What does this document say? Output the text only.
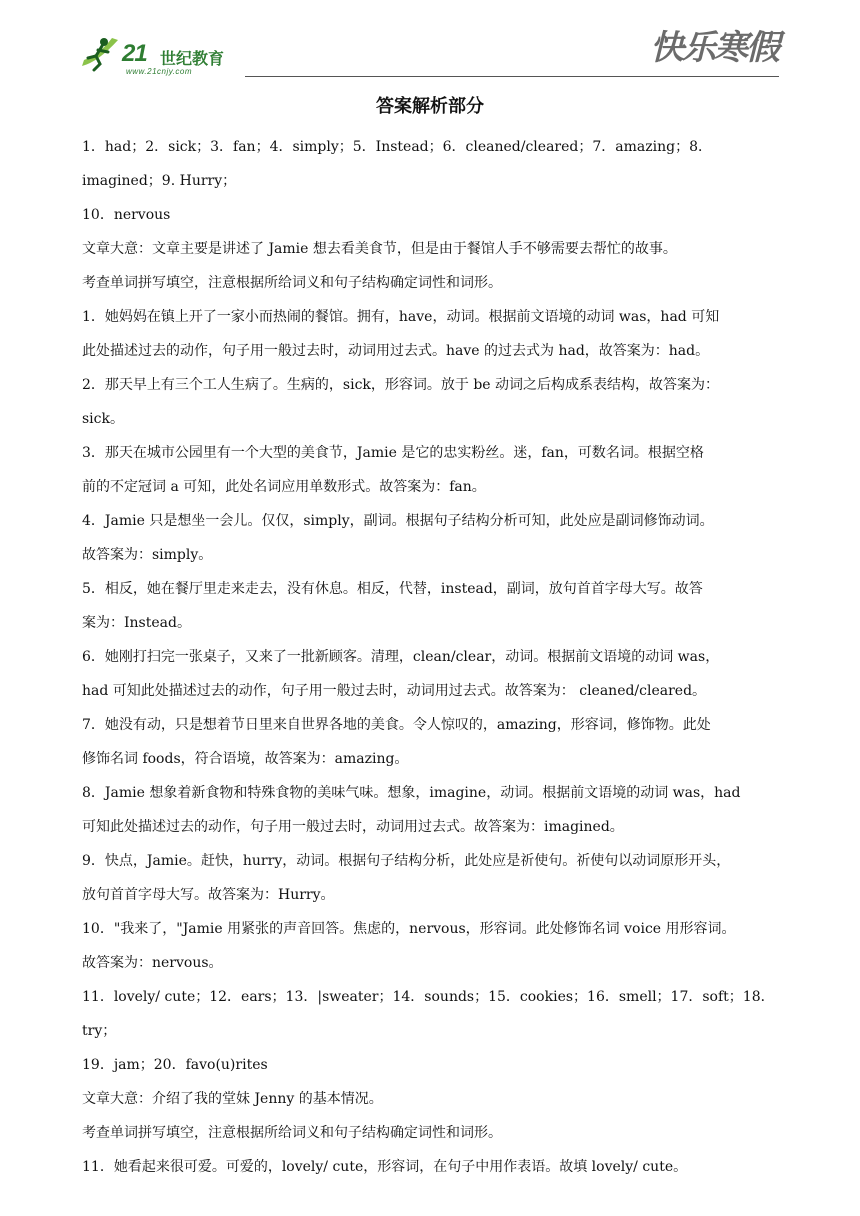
21 世纪教育
www.21cnjy.com
快乐寒假
答案解析部分

1．had；2．sick；3．fan；4．simply；5．Instead；6．cleaned/cleared；7．amazing；8．imagined；9. Hurry；

10．nervous

文章大意：文章主要是讲述了 Jamie 想去看美食节，但是由于餐馆人手不够需要去帮忙的故事。

考查单词拼写填空，注意根据所给词义和句子结构确定词性和词形。

1．她妈妈在镇上开了一家小而热闹的餐馆。拥有，have，动词。根据前文语境的动词 was，had 可知

此处描述过去的动作，句子用一般过去时，动词用过去式。have 的过去式为 had，故答案为：had。

2．那天早上有三个工人生病了。生病的，sick，形容词。放于 be 动词之后构成系表结构，故答案为：

sick。

3．那天在城市公园里有一个大型的美食节，Jamie 是它的忠实粉丝。迷，fan，可数名词。根据空格

前的不定冠词 a 可知，此处名词应用单数形式。故答案为：fan。

4．Jamie 只是想坐一会儿。仅仅，simply，副词。根据句子结构分析可知，此处应是副词修饰动词。

故答案为：simply。

5．相反，她在餐厅里走来走去，没有休息。相反，代替，instead，副词，放句首首字母大写。故答

案为：Instead。

6．她刚打扫完一张桌子，又来了一批新顾客。清理，clean/clear，动词。根据前文语境的动词 was，

had 可知此处描述过去的动作，句子用一般过去时，动词用过去式。故答案为： cleaned/cleared。

7．她没有动，只是想着节日里来自世界各地的美食。令人惊叹的，amazing，形容词，修饰物。此处

修饰名词 foods，符合语境，故答案为：amazing。

8．Jamie 想象着新食物和特殊食物的美味气味。想象，imagine，动词。根据前文语境的动词 was，had

可知此处描述过去的动作，句子用一般过去时，动词用过去式。故答案为：imagined。

9．快点，Jamie。赶快，hurry，动词。根据句子结构分析，此处应是祈使句。祈使句以动词原形开头，

放句首首字母大写。故答案为：Hurry。

10．"我来了，"Jamie 用紧张的声音回答。焦虑的，nervous，形容词。此处修饰名词 voice 用形容词。

故答案为：nervous。

11．lovely/ cute；12．ears；13．|sweater；14．sounds；15．cookies；16．smell；17．soft；18．try；

19．jam；20．favo(u)rites

文章大意：介绍了我的堂妹 Jenny 的基本情况。

考查单词拼写填空，注意根据所给词义和句子结构确定词性和词形。

11．她看起来很可爱。可爱的，lovely/ cute，形容词，在句子中用作表语。故填 lovely/ cute。
